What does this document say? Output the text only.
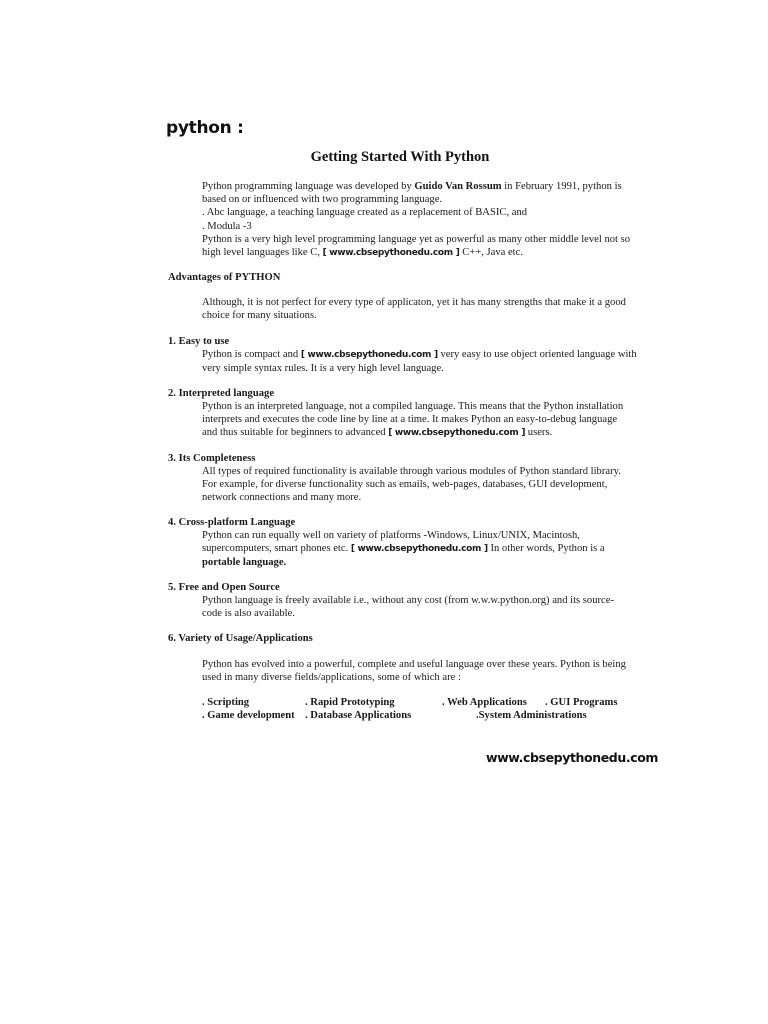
python :
Getting Started With Python
Python programming language was developed by Guido Van Rossum in February 1991, python is
based on or influenced with two programming language.
. Abc language, a teaching language created as a replacement of BASIC, and
. Modula -3
Python is a very high level programming language yet as powerful as many other middle level not so
high level languages like C, [ www.cbsepythonedu.com ] C++, Java etc.
Advantages of PYTHON
Although, it is not perfect for every type of applicaton, yet it has many strengths that make it a good
choice for many situations.
1. Easy to use
Python is compact and [ www.cbsepythonedu.com ] very easy to use object oriented language with
very simple syntax rules. It is a very high level language.
2. Interpreted language
Python is an interpreted language, not a compiled language. This means that the Python installation
interprets and executes the code line by line at a time. It makes Python an easy-to-debug language
and thus suitable for beginners to advanced [ www.cbsepythonedu.com ] users.
3. Its Completeness
All types of required functionality is available through various modules of Python standard library.
For example, for diverse functionality such as emails, web-pages, databases, GUI development,
network connections and many more.
4. Cross-platform Language
Python can run equally well on variety of platforms -Windows, Linux/UNIX, Macintosh,
supercomputers, smart phones etc. [ www.cbsepythonedu.com ] In other words, Python is a
portable language.
5. Free and Open Source
Python language is freely available i.e., without any cost (from w.w.w.python.org) and its source-
code is also available.
6. Variety of Usage/Applications
Python has evolved into a powerful, complete and useful language over these years. Python is being
used in many diverse fields/applications, some of which are :
. Scripting	. Rapid Prototyping	. Web Applications . GUI Programs
. Game development . Database Applications	.System Administrations
www.cbsepythonedu.com
